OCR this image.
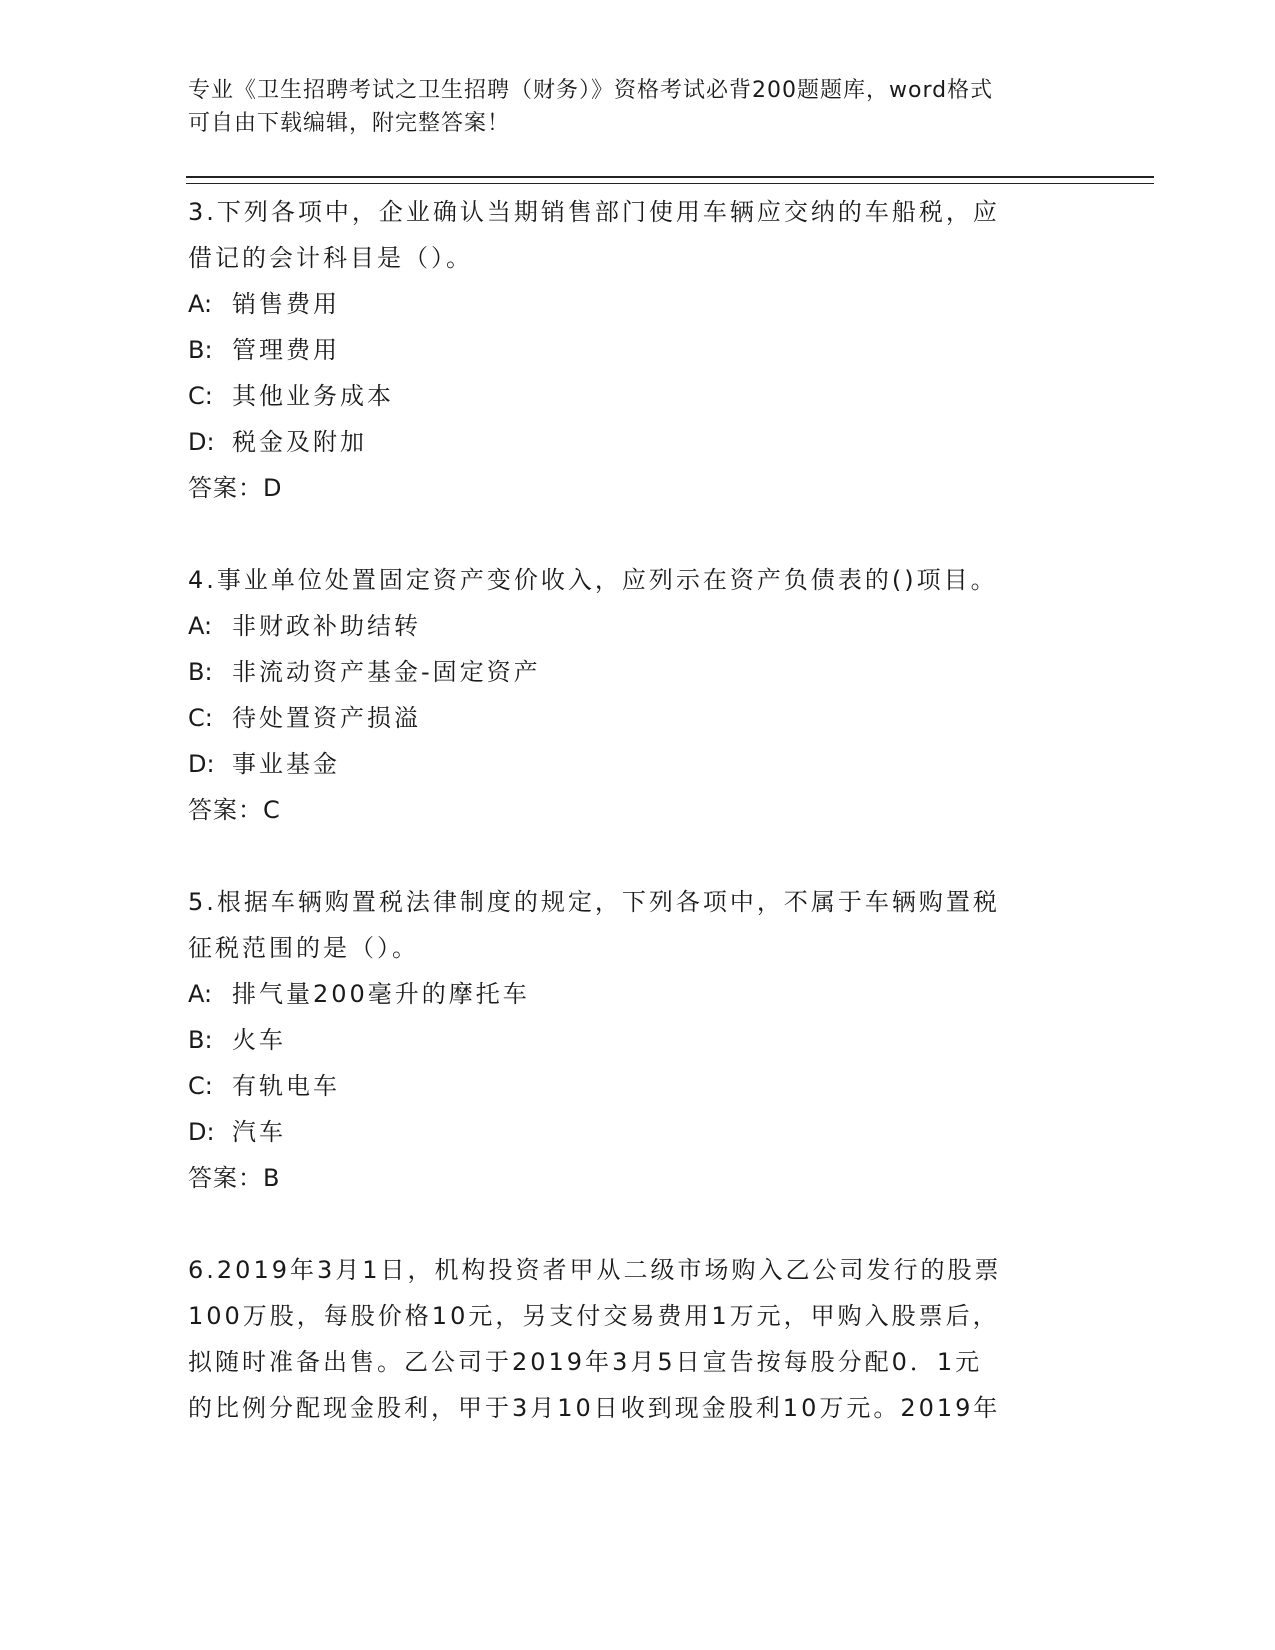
专业《卫生招聘考试之卫生招聘（财务）》资格考试必背200题题库，word格式
可自由下载编辑，附完整答案！
3.下列各项中，企业确认当期销售部门使用车辆应交纳的车船税，应
借记的会计科目是（）。
A: 销售费用
B: 管理费用
C: 其他业务成本
D: 税金及附加
答案：D
4.事业单位处置固定资产变价收入，应列示在资产负债表的()项目。
A: 非财政补助结转
B: 非流动资产基金-固定资产
C: 待处置资产损溢
D: 事业基金
答案：C
5.根据车辆购置税法律制度的规定，下列各项中，不属于车辆购置税
征税范围的是（）。
A: 排气量200毫升的摩托车
B: 火车
C: 有轨电车
D: 汽车
答案：B
6.2019年3月1日，机构投资者甲从二级市场购入乙公司发行的股票
100万股，每股价格10元，另支付交易费用1万元，甲购入股票后，
拟随时准备出售。乙公司于2019年3月5日宣告按每股分配0．1元
的比例分配现金股利，甲于3月10日收到现金股利10万元。2019年
